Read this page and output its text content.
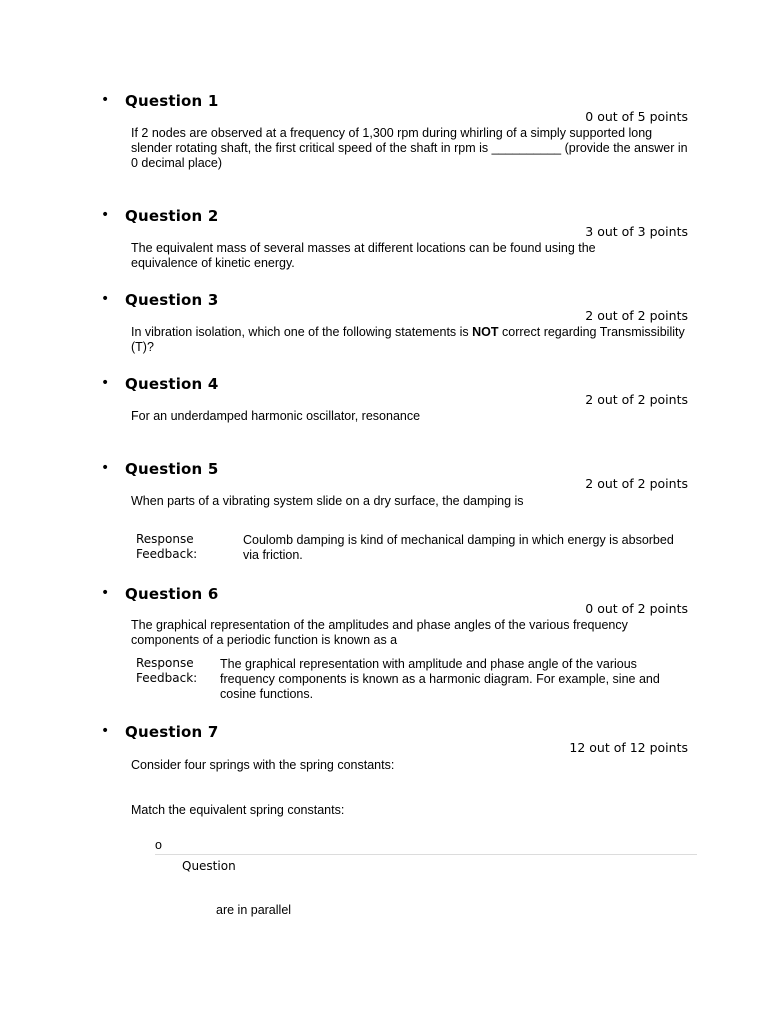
• Question 1
0 out of 5 points
If 2 nodes are observed at a frequency of 1,300 rpm during whirling of a simply supported long slender rotating shaft, the first critical speed of the shaft in rpm is __________ (provide the answer in 0 decimal place)
• Question 2
3 out of 3 points
The equivalent mass of several masses at different locations can be found using the equivalence of kinetic energy.
• Question 3
2 out of 2 points
In vibration isolation, which one of the following statements is NOT correct regarding Transmissibility (T)?
• Question 4
2 out of 2 points
For an underdamped harmonic oscillator, resonance
• Question 5
2 out of 2 points
When parts of a vibrating system slide on a dry surface, the damping is
Response Feedback:
Coulomb damping is kind of mechanical damping in which energy is absorbed via friction.
• Question 6
0 out of 2 points
The graphical representation of the amplitudes and phase angles of the various frequency components of a periodic function is known as a
Response Feedback:
The graphical representation with amplitude and phase angle of the various frequency components is known as a harmonic diagram. For example, sine and cosine functions.
• Question 7
12 out of 12 points
Consider four springs with the spring constants:
Match the equivalent spring constants:
o
Question
are in parallel
